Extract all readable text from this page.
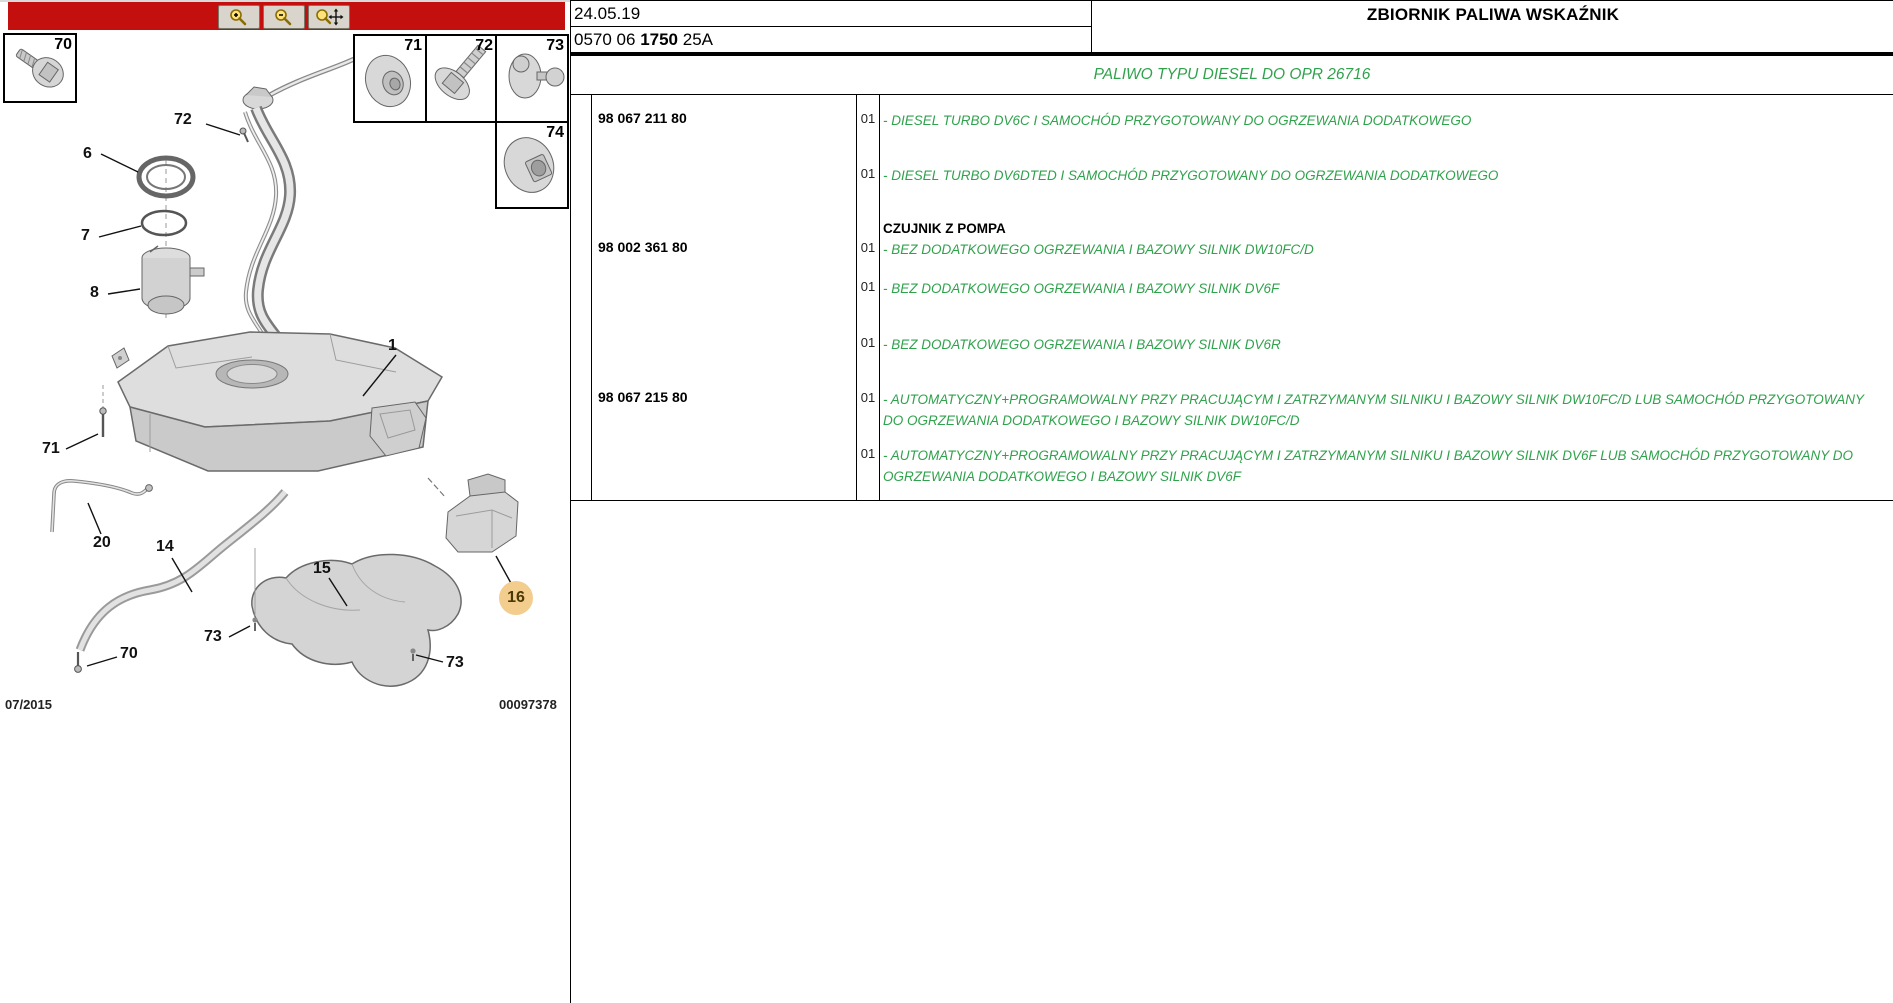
70	71	72	73
74
72
6
7
8
1
71
20	14
15
73
70
73
16
07/2015	00097378
24.05.19
0570 06 1750 25A
ZBIORNIK PALIWA WSKAŹNIK
PALIWO TYPU DIESEL DO OPR 26716
98 067 211 80	01 - DIESEL TURBO DV6C I SAMOCHÓD PRZYGOTOWANY DO OGRZEWANIA DODATKOWEGO
01 - DIESEL TURBO DV6DTED I SAMOCHÓD PRZYGOTOWANY DO OGRZEWANIA DODATKOWEGO
CZUJNIK Z POMPA
98 002 361 80	01 - BEZ DODATKOWEGO OGRZEWANIA I BAZOWY SILNIK DW10FC/D
01 - BEZ DODATKOWEGO OGRZEWANIA I BAZOWY SILNIK DV6F
01 - BEZ DODATKOWEGO OGRZEWANIA I BAZOWY SILNIK DV6R
98 067 215 80	01 - AUTOMATYCZNY+PROGRAMOWALNY PRZY PRACUJĄCYM I ZATRZYMANYM SILNIKU I BAZOWY SILNIK DW10FC/D LUB SAMOCHÓD PRZYGOTOWANY DO OGRZEWANIA DODATKOWEGO I BAZOWY SILNIK DW10FC/D
01 - AUTOMATYCZNY+PROGRAMOWALNY PRZY PRACUJĄCYM I ZATRZYMANYM SILNIKU I BAZOWY SILNIK DV6F LUB SAMOCHÓD PRZYGOTOWANY DO OGRZEWANIA DODATKOWEGO I BAZOWY SILNIK DV6F
